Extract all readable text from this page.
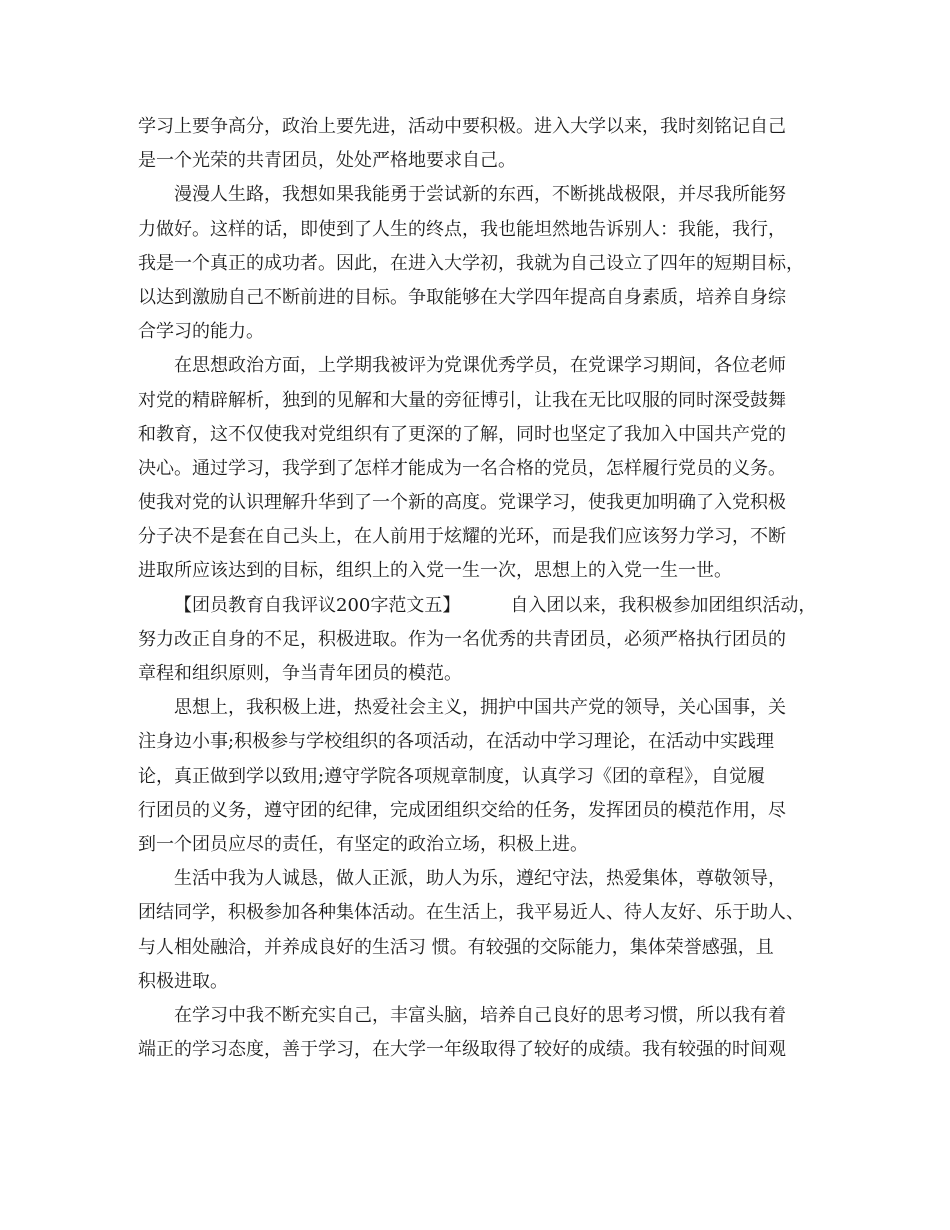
学习上要争高分，政治上要先进，活动中要积极。进入大学以来，我时刻铭记自己
是一个光荣的共青团员，处处严格地要求自己。
漫漫人生路，我想如果我能勇于尝试新的东西，不断挑战极限，并尽我所能努
力做好。这样的话，即使到了人生的终点，我也能坦然地告诉别人：我能，我行，
我是一个真正的成功者。因此，在进入大学初，我就为自己设立了四年的短期目标，
以达到激励自己不断前进的目标。争取能够在大学四年提高自身素质，培养自身综
合学习的能力。
在思想政治方面，上学期我被评为党课优秀学员，在党课学习期间，各位老师
对党的精辟解析，独到的见解和大量的旁征博引，让我在无比叹服的同时深受鼓舞
和教育，这不仅使我对党组织有了更深的了解，同时也坚定了我加入中国共产党的
决心。通过学习，我学到了怎样才能成为一名合格的党员，怎样履行党员的义务。
使我对党的认识理解升华到了一个新的高度。党课学习，使我更加明确了入党积极
分子决不是套在自己头上，在人前用于炫耀的光环，而是我们应该努力学习，不断
进取所应该达到的目标，组织上的入党一生一次，思想上的入党一生一世。
【团员教育自我评议200字范文五】	自入团以来，我积极参加团组织活动，
努力改正自身的不足，积极进取。作为一名优秀的共青团员，必须严格执行团员的
章程和组织原则，争当青年团员的模范。
思想上，我积极上进，热爱社会主义，拥护中国共产党的领导，关心国事，关
注身边小事;积极参与学校组织的各项活动，在活动中学习理论，在活动中实践理
论，真正做到学以致用;遵守学院各项规章制度，认真学习《团的章程》，自觉履
行团员的义务，遵守团的纪律，完成团组织交给的任务，发挥团员的模范作用，尽
到一个团员应尽的责任，有坚定的政治立场，积极上进。
生活中我为人诚恳，做人正派，助人为乐，遵纪守法，热爱集体，尊敬领导，
团结同学，积极参加各种集体活动。在生活上，我平易近人、待人友好、乐于助人、
与人相处融洽，并养成良好的生活习 惯。有较强的交际能力，集体荣誉感强，且
积极进取。
在学习中我不断充实自己，丰富头脑，培养自己良好的思考习惯，所以我有着
端正的学习态度，善于学习，在大学一年级取得了较好的成绩。我有较强的时间观
